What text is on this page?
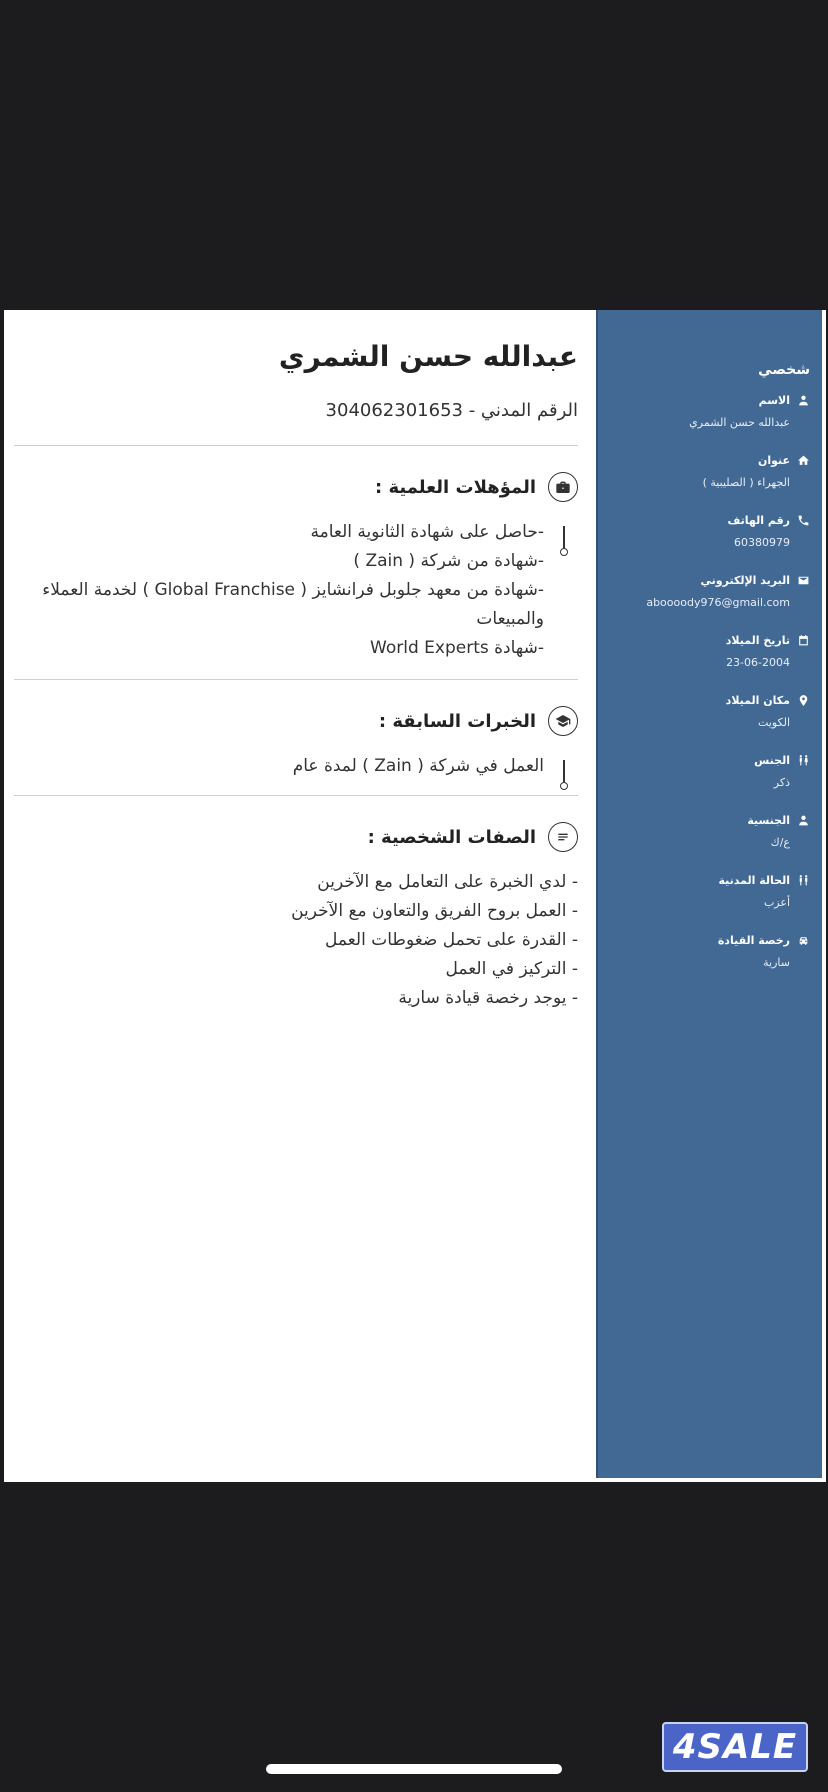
عبدالله حسن الشمري
الرقم المدني - 304062301653
المؤهلات العلمية :
-حاصل على شهادة الثانوية العامة
-شهادة من شركة ( Zain )
-شهادة من معهد جلوبل فرانشايز ( Global Franchise ) لخدمة العملاء والمبيعات
-شهادة World Experts
الخبرات السابقة :
العمل في شركة ( Zain ) لمدة عام
الصفات الشخصية :
- لدي الخبرة على التعامل مع الآخرين
- العمل بروح الفريق والتعاون مع الآخرين
- القدرة على تحمل ضغوطات العمل
- التركيز في العمل
- يوجد رخصة قيادة سارية
شخصي
الاسم
عبدالله حسن الشمري
عنوان
الجهراء ( الصليبية )
رقم الهاتف
60380979
البريد الإلكتروني
aboooody976@gmail.com
تاريخ الميلاد
23-06-2004
مكان الميلاد
الكويت
الجنس
ذكر
الجنسية
ع/ك
الحالة المدنية
أعزب
رخصة القيادة
سارية
4SALE
